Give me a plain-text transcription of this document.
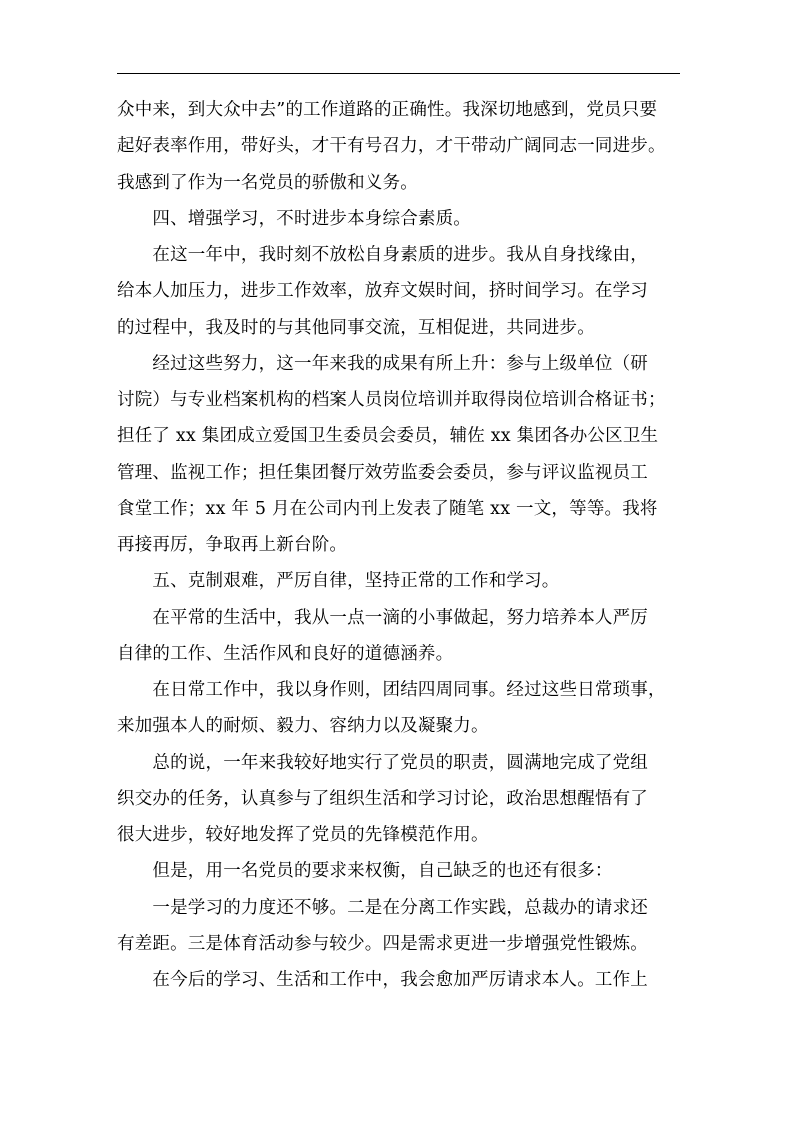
众中来，到大众中去”的工作道路的正确性。我深切地感到，党员只要
起好表率作用，带好头，才干有号召力，才干带动广阔同志一同进步。
我感到了作为一名党员的骄傲和义务。
　　四、增强学习，不时进步本身综合素质。
　　在这一年中，我时刻不放松自身素质的进步。我从自身找缘由，
给本人加压力，进步工作效率，放弃文娱时间，挤时间学习。在学习
的过程中，我及时的与其他同事交流，互相促进，共同进步。
　　经过这些努力，这一年来我的成果有所上升：参与上级单位（研
讨院）与专业档案机构的档案人员岗位培训并取得岗位培训合格证书；
担任了 xx 集团成立爱国卫生委员会委员，辅佐 xx 集团各办公区卫生
管理、监视工作；担任集团餐厅效劳监委会委员，参与评议监视员工
食堂工作；xx 年 5 月在公司内刊上发表了随笔 xx 一文，等等。我将
再接再厉，争取再上新台阶。
　　五、克制艰难，严厉自律，坚持正常的工作和学习。
　　在平常的生活中，我从一点一滴的小事做起，努力培养本人严厉
自律的工作、生活作风和良好的道德涵养。
　　在日常工作中，我以身作则，团结四周同事。经过这些日常琐事，
来加强本人的耐烦、毅力、容纳力以及凝聚力。
　　总的说，一年来我较好地实行了党员的职责，圆满地完成了党组
织交办的任务，认真参与了组织生活和学习讨论，政治思想醒悟有了
很大进步，较好地发挥了党员的先锋模范作用。
　　但是，用一名党员的要求来权衡，自己缺乏的也还有很多：
　　一是学习的力度还不够。二是在分离工作实践，总裁办的请求还
有差距。三是体育活动参与较少。四是需求更进一步增强党性锻炼。
　　在今后的学习、生活和工作中，我会愈加严厉请求本人。工作上
